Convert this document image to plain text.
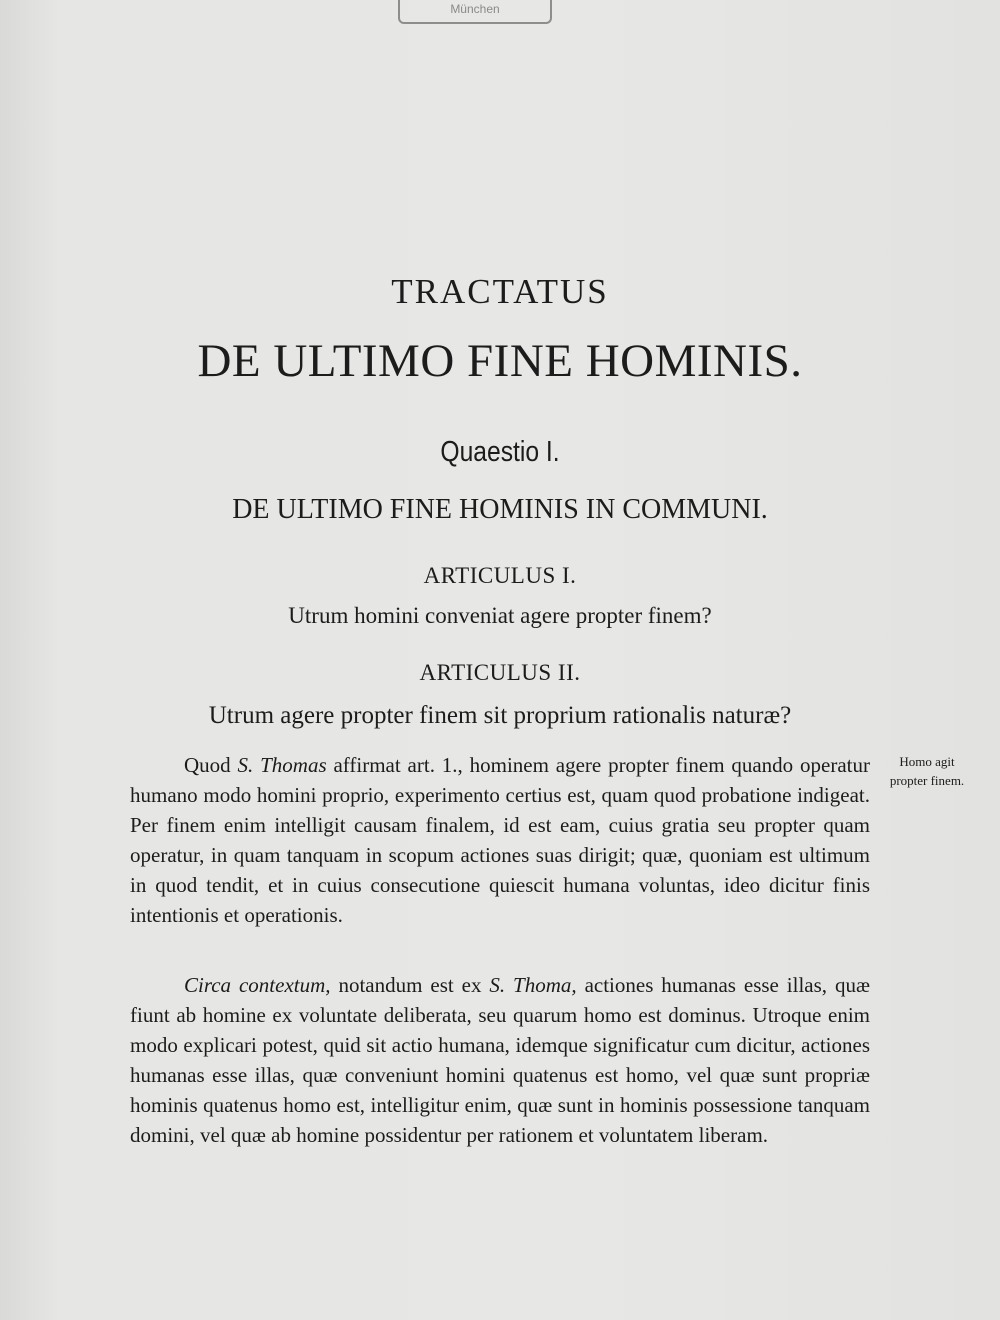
München
TRACTATUS
DE ULTIMO FINE HOMINIS.
Quaestio I.
DE ULTIMO FINE HOMINIS IN COMMUNI.
ARTICULUS I.
Utrum homini conveniat agere propter finem?
ARTICULUS II.
Utrum agere propter finem sit proprium rationalis naturæ?

Quod S. Thomas affirmat art. 1., hominem agere propter finem quando operatur humano modo homini proprio, experimento certius est, quam quod probatione indigeat. Per finem enim intelligit causam finalem, id est eam, cuius gratia seu propter quam operatur, in quam tanquam in scopum actiones suas dirigit; quæ, quoniam est ultimum in quod tendit, et in cuius consecutione quiescit humana voluntas, ideo dicitur finis intentionis et operationis.

Homo agit
propter finem.

Circa contextum, notandum est ex S. Thoma, actiones humanas esse illas, quæ fiunt ab homine ex voluntate deliberata, seu quarum homo est dominus. Utroque enim modo explicari potest, quid sit actio humana, idemque significatur cum dicitur, actiones humanas esse illas, quæ conveniunt homini quatenus est homo, vel quæ sunt propriæ hominis quatenus homo est, intelligitur enim, quæ sunt in hominis possessione tanquam domini, vel quæ ab homine possidentur per rationem et voluntatem liberam.
